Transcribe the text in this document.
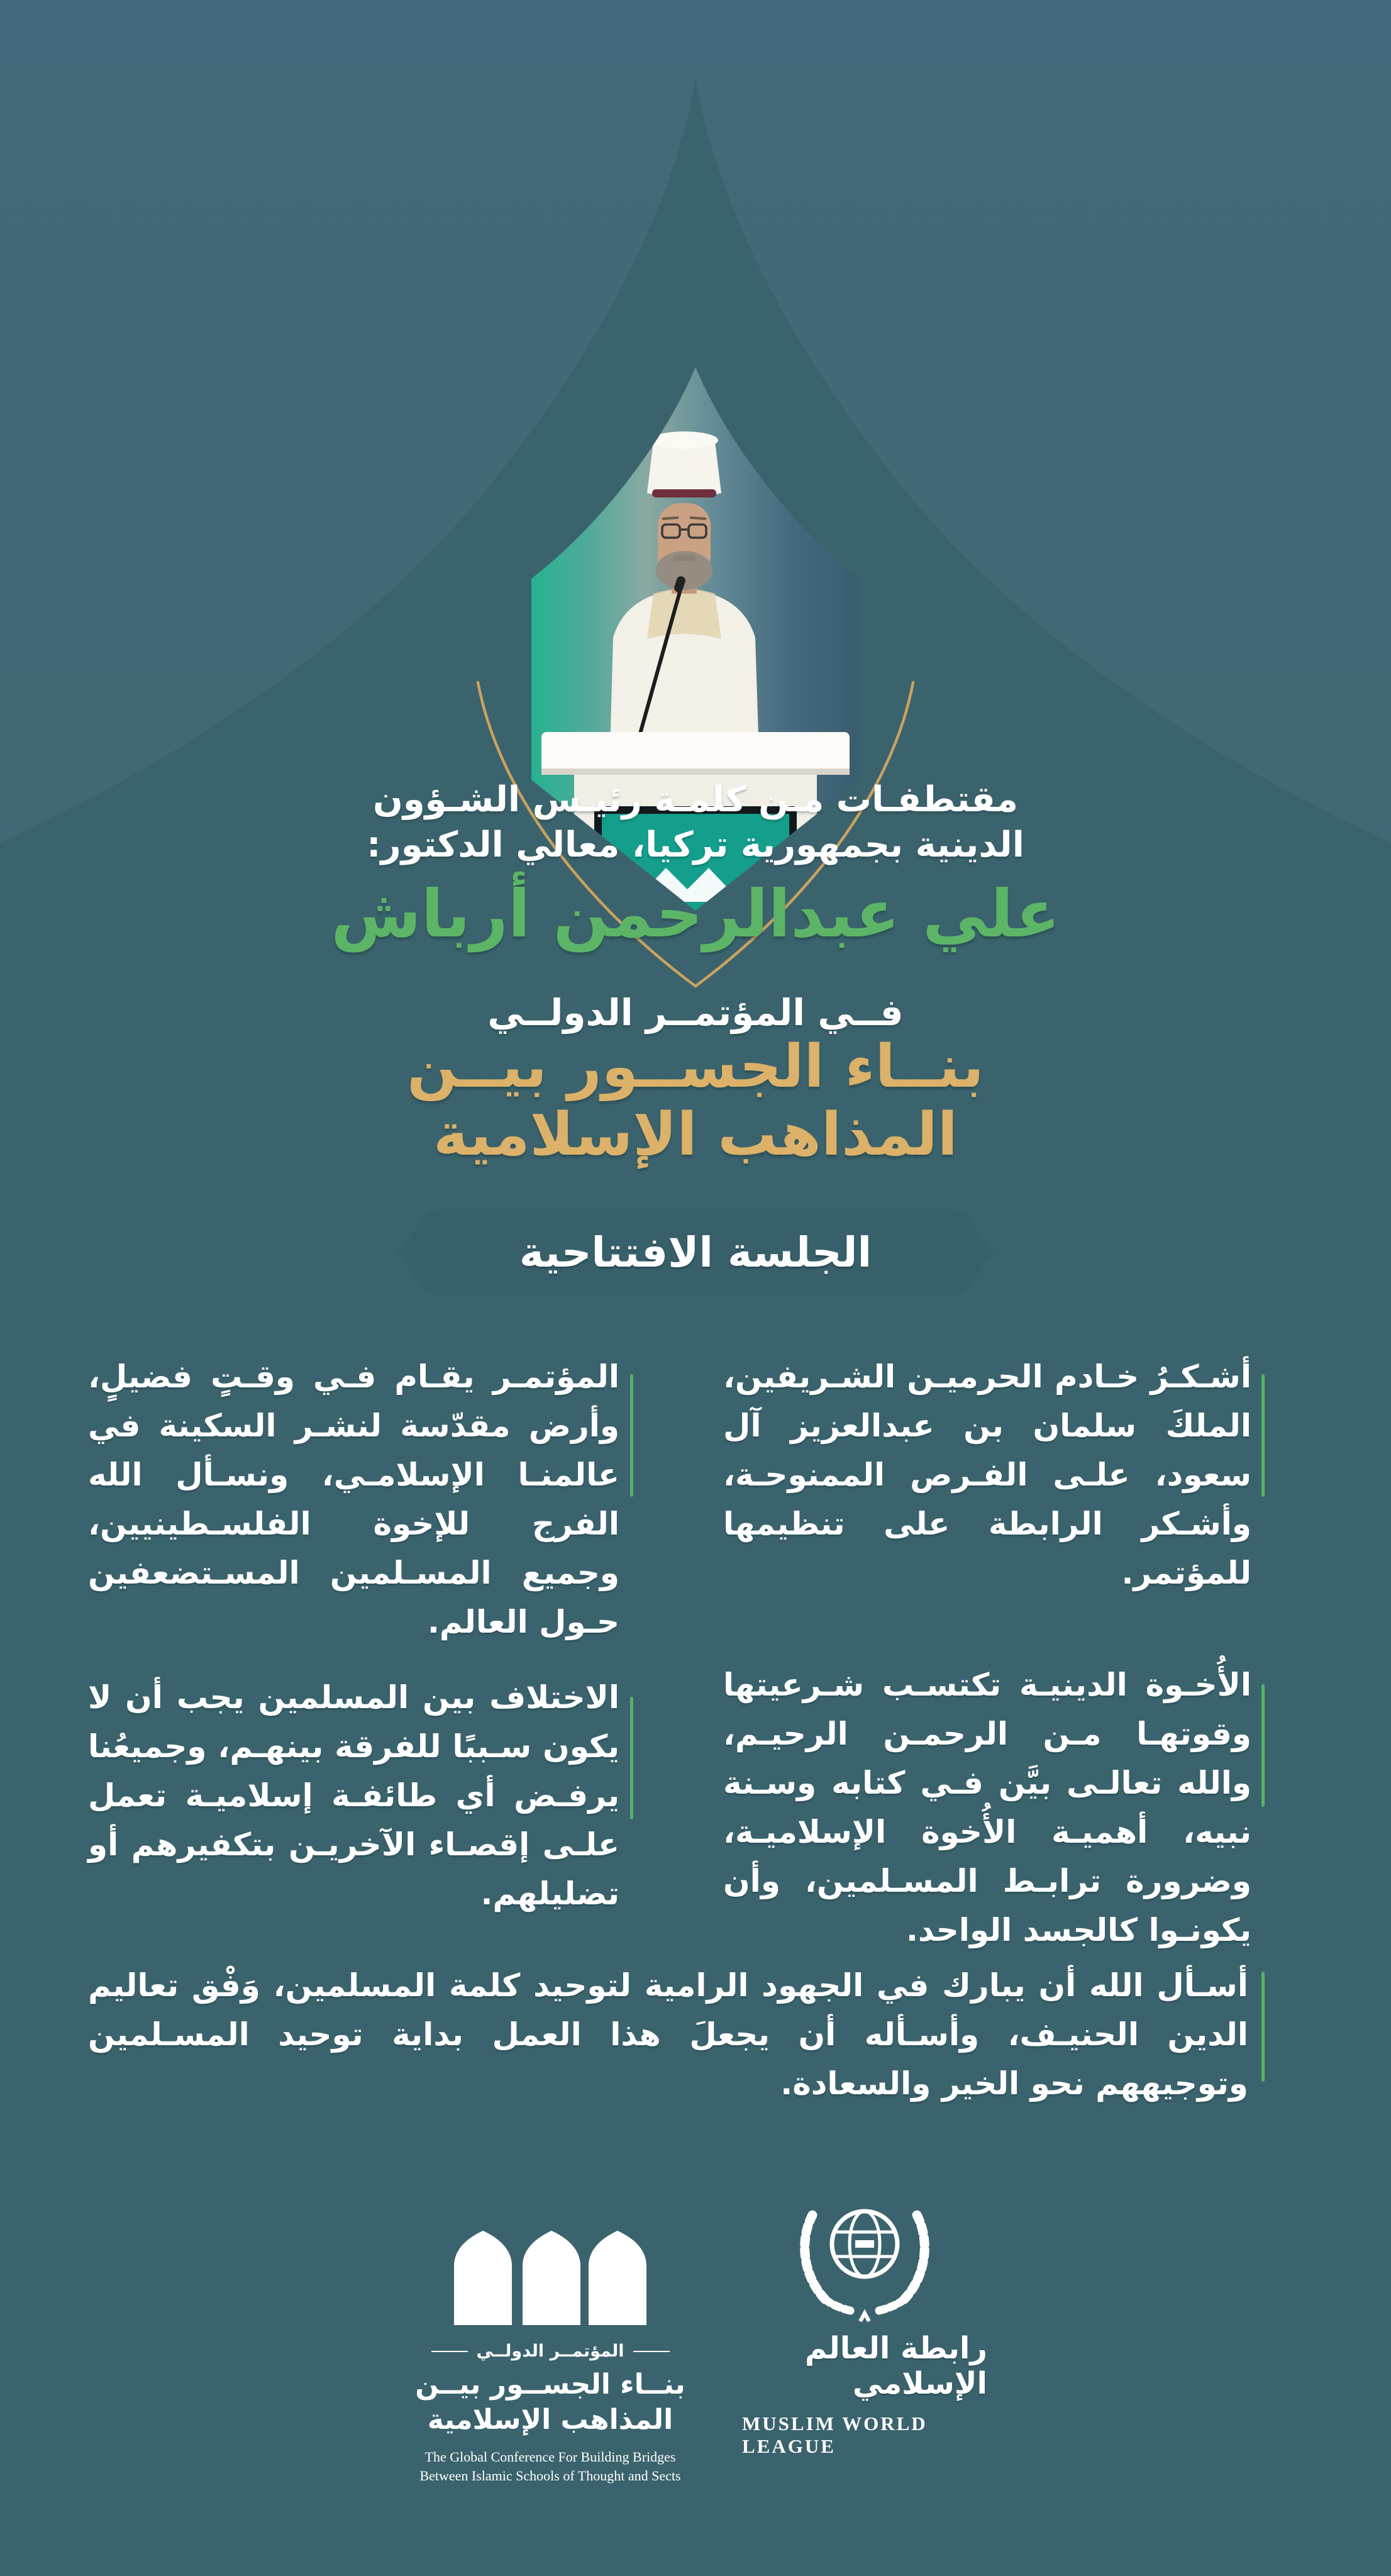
مقتطفـات مـن كلمـة رئيـس الشـؤون
الدينية بجمهورية تركيا، معالي الدكتور:
علي عبدالرحمن أرباش
فــي المؤتمــر الدولــي
بنــاء الجســور بيــن
المذاهب الإسلامية
الجلسة الافتتاحية
أشـكـرُ خـادم الحرميـن الشـريفين، الملكَ سلمان بن عبدالعزيز آل سعود، علـى الفـرص الممنوحـة، وأشـكر الرابطة على تنظيمها للمؤتمر.
المؤتمـر يقـام فـي وقـتٍ فضيلٍ، وأرض مقدّسة لنشـر السكينة في عالمنـا الإسلامـي، ونسـأل الله الفرج للإخوة الفلسـطينيين، وجميع المسـلمين المسـتضعفين حـول العالم.
الأُخـوة الدينيـة تكتسـب شـرعيتها وقوتهـا مـن الرحمـن الرحيـم، والله تعالـى بيَّن فـي كتابه وسـنة نبيه، أهميـة الأُخوة الإسلاميـة، وضرورة ترابـط المسـلمين، وأن يكونـوا كالجسد الواحد.
الاختلاف بين المسلمين يجب أن لا يكون سـببًا للفرقة بينهـم، وجميعُنا يرفـض أي طائفـة إسلاميـة تعمل علـى إقصـاء الآخريـن بتكفيرهم أو تضليلهم.
أسـأل الله أن يبارك في الجهود الرامية لتوحيد كلمة المسلمين، وَفْق تعاليم الدين الحنيـف، وأسـأله أن يجعلَ هذا العمل بداية توحيد المسـلمين وتوجيههم نحو الخير والسعادة.
المؤتمــر الدولــي
بنــاء الجســور بيــن
المذاهب الإسلامية
The Global Conference For Building Bridges
Between Islamic Schools of Thought and Sects
رابطة العالم الإسلامي
MUSLIM WORLD LEAGUE
